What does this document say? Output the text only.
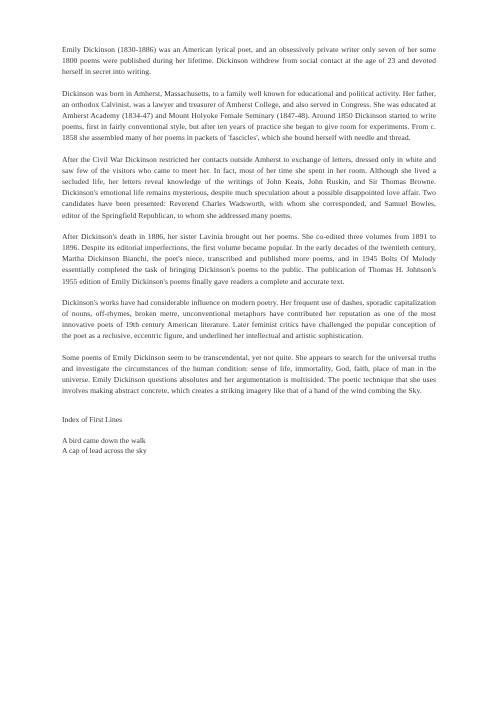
Emily Dickinson (1830-1886) was an American lyrical poet, and an obsessively private writer only seven of her some 1800 poems were published during her lifetime. Dickinson withdrew from social contact at the age of 23 and devoted herself in secret into writing.

Dickinson was born in Amherst, Massachusetts, to a family well known for educational and political activity. Her father, an orthodox Calvinist, was a lawyer and treasurer of Amherst College, and also served in Congress. She was educated at Amherst Academy (1834-47) and Mount Holyoke Female Seminary (1847-48). Around 1850 Dickinson started to write poems, first in fairly conventional style, but after ten years of practice she began to give room for experiments. From c. 1858 she assembled many of her poems in packets of 'fascicles', which she bound herself with needle and thread.

After the Civil War Dickinson restricted her contacts outside Amherst to exchange of letters, dressed only in white and saw few of the visitors who came to meet her. In fact, most of her time she spent in her room. Although she lived a secluded life, her letters reveal knowledge of the writings of John Keats, John Ruskin, and Sir Thomas Browne. Dickinson's emotional life remains mysterious, despite much speculation about a possible disappointed love affair. Two candidates have been presented: Reverend Charles Wadsworth, with whom she corresponded, and Samuel Bowles, editor of the Springfield Republican, to whom she addressed many poems.

After Dickinson's death in 1886, her sister Lavinia brought out her poems. She co-edited three volumes from 1891 to 1896. Despite its editorial imperfections, the first volume became popular. In the early decades of the twentieth century, Martha Dickinson Bianchi, the poet's niece, transcribed and published more poems, and in 1945 Bolts Of Melody essentially completed the task of bringing Dickinson's poems to the public. The publication of Thomas H. Johnson's 1955 edition of Emily Dickinson's poems finally gave readers a complete and accurate text.

Dickinson's works have had considerable influence on modern poetry. Her frequent use of dashes, sporadic capitalization of nouns, off-rhymes, broken metre, unconventional metaphors have contributed her reputation as one of the most innovative poets of 19th century American literature. Later feminist critics have challenged the popular conception of the poet as a reclusive, eccentric figure, and underlined her intellectual and artistic sophistication.

Some poems of Emily Dickinson seem to be transcendental, yet not quite. She appears to search for the universal truths and investigate the circumstances of the human condition: sense of life, immortality, God, faith, place of man in the universe. Emily Dickinson questions absolutes and her argumentation is multisided. The poetic technique that she uses involves making abstract concrete, which creates a striking imagery like that of a hand of the wind combing the Sky.

Index of First Lines
A bird came down the walk
A cap of lead across the sky
